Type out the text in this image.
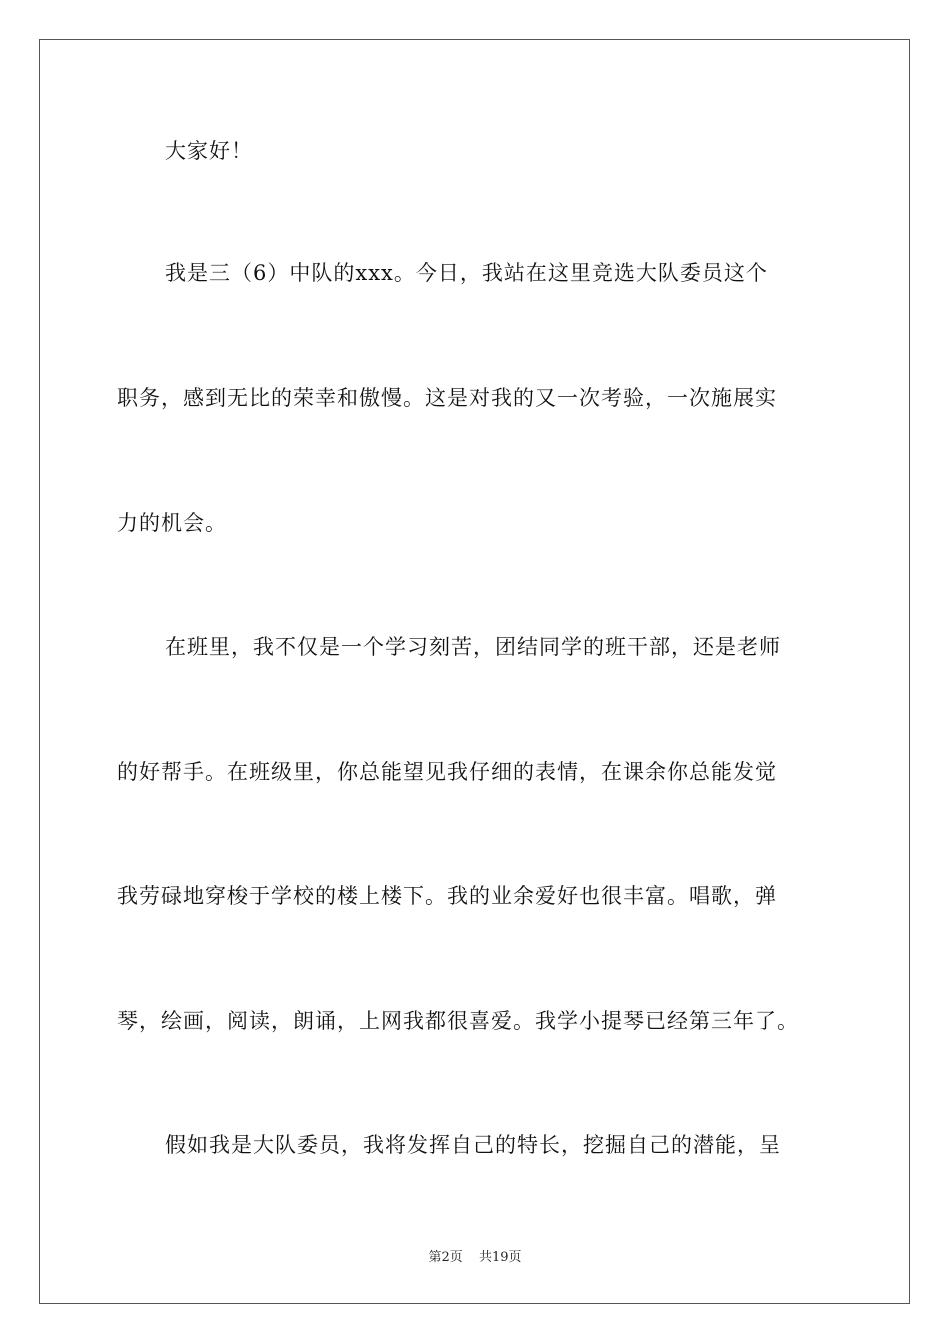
大家好！
我是三（6）中队的xxx。今日，我站在这里竞选大队委员这个
职务，感到无比的荣幸和傲慢。这是对我的又一次考验，一次施展实
力的机会。
在班里，我不仅是一个学习刻苦，团结同学的班干部，还是老师
的好帮手。在班级里，你总能望见我仔细的表情，在课余你总能发觉
我劳碌地穿梭于学校的楼上楼下。我的业余爱好也很丰富。唱歌，弹
琴，绘画，阅读，朗诵，上网我都很喜爱。我学小提琴已经第三年了。
假如我是大队委员，我将发挥自己的特长，挖掘自己的潜能，呈
第2页 共19页
